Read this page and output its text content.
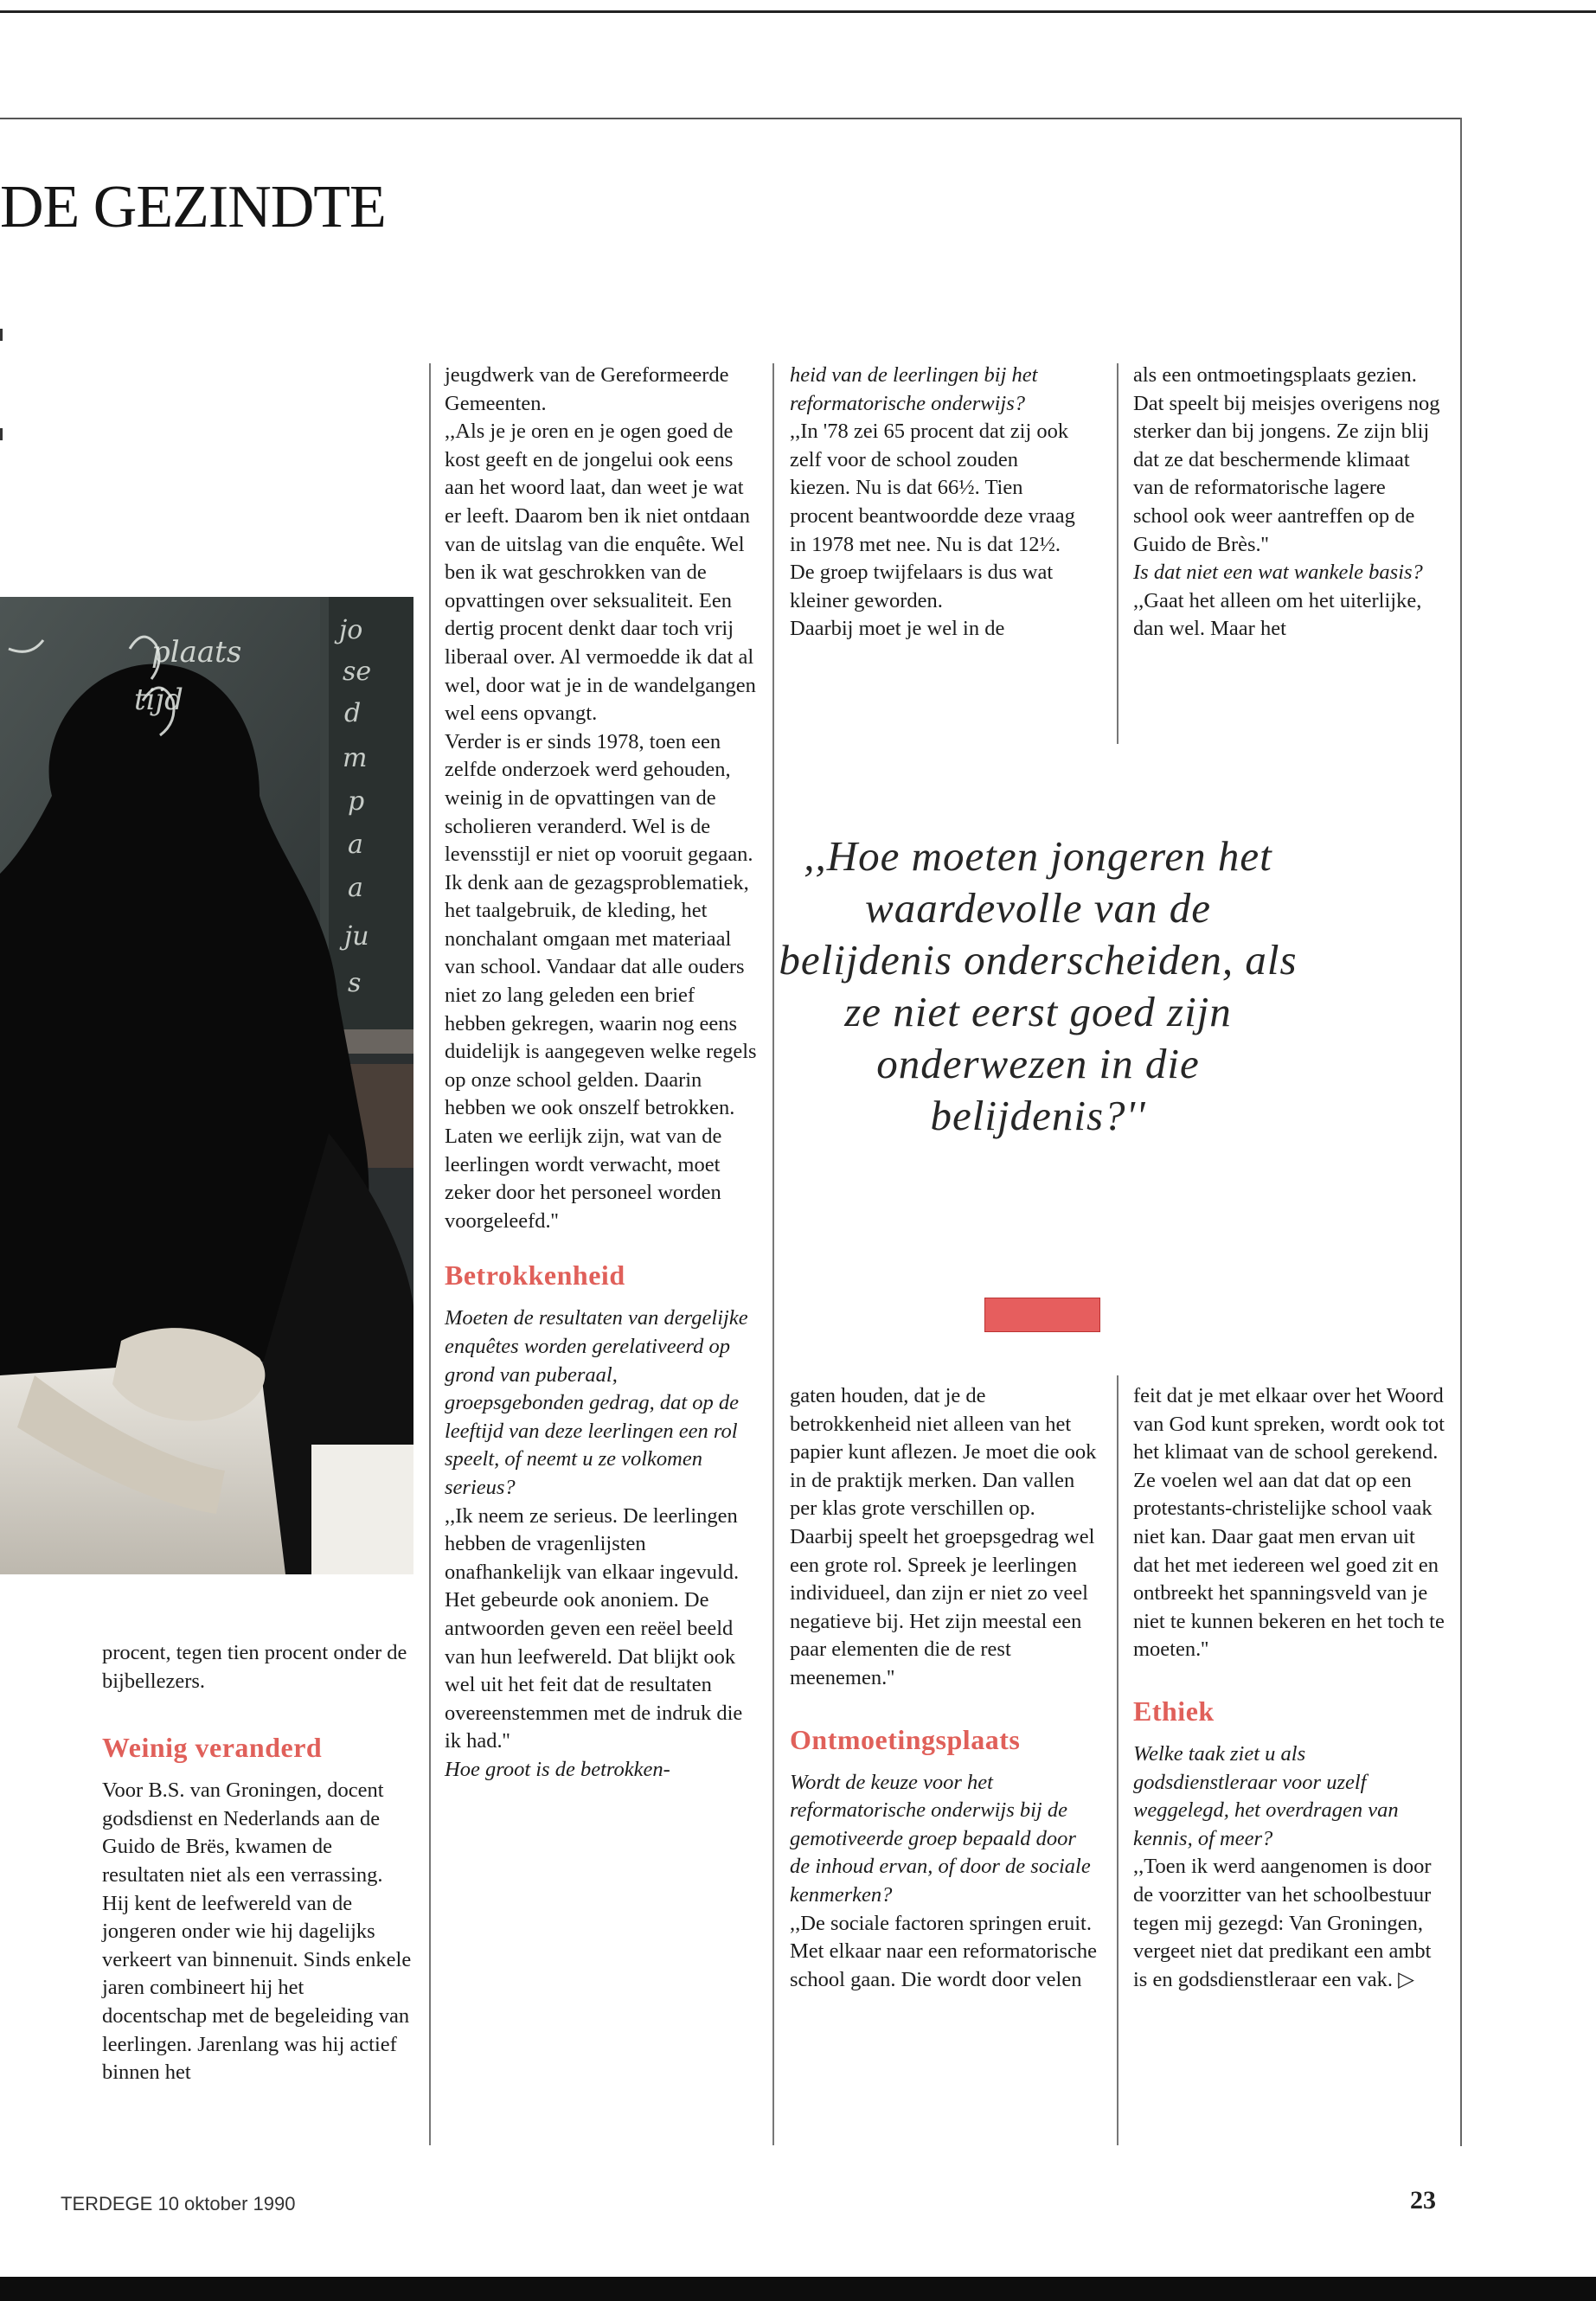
DE GEZINDTE
plaats
tijd
jo
se
d
m
p
a
a
ju
s

procent, tegen tien procent onder de bijbellezers.

Weinig veranderd

Voor B.S. van Groningen, docent godsdienst en Nederlands aan de Guido de Brës, kwamen de resultaten niet als een verrassing. Hij kent de leefwereld van de jongeren onder wie hij dagelijks verkeert van binnenuit. Sinds enkele jaren combineert hij het docentschap met de begeleiding van leerlingen. Jarenlang was hij actief binnen het

jeugdwerk van de Gereformeerde Gemeenten.

,,Als je je oren en je ogen goed de kost geeft en de jongelui ook eens aan het woord laat, dan weet je wat er leeft. Daarom ben ik niet ontdaan van de uitslag van die enquête. Wel ben ik wat geschrokken van de opvattingen over seksualiteit. Een dertig procent denkt daar toch vrij liberaal over. Al vermoedde ik dat al wel, door wat je in de wandelgangen wel eens opvangt.

Verder is er sinds 1978, toen een zelfde onderzoek werd gehouden, weinig in de opvattingen van de scholieren veranderd. Wel is de levensstijl er niet op vooruit gegaan. Ik denk aan de gezagsproblematiek, het taalgebruik, de kleding, het nonchalant omgaan met materiaal van school. Vandaar dat alle ouders niet zo lang geleden een brief hebben gekregen, waarin nog eens duidelijk is aangegeven welke regels op onze school gelden. Daarin hebben we ook onszelf betrokken. Laten we eerlijk zijn, wat van de leerlingen wordt verwacht, moet zeker door het personeel worden voorgeleefd.''

Betrokkenheid

Moeten de resultaten van dergelijke enquêtes worden gerelativeerd op grond van puberaal, groepsgebonden gedrag, dat op de leeftijd van deze leerlingen een rol speelt, of neemt u ze volkomen serieus?

,,Ik neem ze serieus. De leerlingen hebben de vragenlijsten onafhankelijk van elkaar ingevuld. Het gebeurde ook anoniem. De antwoorden geven een reëel beeld van hun leefwereld. Dat blijkt ook wel uit het feit dat de resultaten overeenstemmen met de indruk die ik had.''

Hoe groot is de betrokken-

heid van de leerlingen bij het reformatorische onderwijs?

,,In '78 zei 65 procent dat zij ook zelf voor de school zouden kiezen. Nu is dat 66½. Tien procent beantwoordde deze vraag in 1978 met nee. Nu is dat 12½. De groep twijfelaars is dus wat kleiner geworden.

Daarbij moet je wel in de

als een ontmoetingsplaats gezien. Dat speelt bij meisjes overigens nog sterker dan bij jongens. Ze zijn blij dat ze dat beschermende klimaat van de reformatorische lagere school ook weer aantreffen op de Guido de Brès.''

Is dat niet een wat wankele basis?

,,Gaat het alleen om het uiterlijke, dan wel. Maar het

,,Hoe moeten jongeren het waardevolle van de belijdenis onderscheiden, als ze niet eerst goed zijn onderwezen in die belijdenis?''

gaten houden, dat je de betrokkenheid niet alleen van het papier kunt aflezen. Je moet die ook in de praktijk merken. Dan vallen per klas grote verschillen op. Daarbij speelt het groepsgedrag wel een grote rol. Spreek je leerlingen individueel, dan zijn er niet zo veel negatieve bij. Het zijn meestal een paar elementen die de rest meenemen.''

Ontmoetingsplaats

Wordt de keuze voor het reformatorische onderwijs bij de gemotiveerde groep bepaald door de inhoud ervan, of door de sociale kenmerken?

,,De sociale factoren springen eruit. Met elkaar naar een reformatorische school gaan. Die wordt door velen

feit dat je met elkaar over het Woord van God kunt spreken, wordt ook tot het klimaat van de school gerekend. Ze voelen wel aan dat dat op een protestants-christelijke school vaak niet kan. Daar gaat men ervan uit dat het met iedereen wel goed zit en ontbreekt het spanningsveld van je niet te kunnen bekeren en het toch te moeten.''

Ethiek

Welke taak ziet u als godsdienstleraar voor uzelf weggelegd, het overdragen van kennis, of meer?

,,Toen ik werd aangenomen is door de voorzitter van het schoolbestuur tegen mij gezegd: Van Groningen, vergeet niet dat predikant een ambt is en godsdienstleraar een vak. ▷

TERDEGE 10 oktober 1990	23
